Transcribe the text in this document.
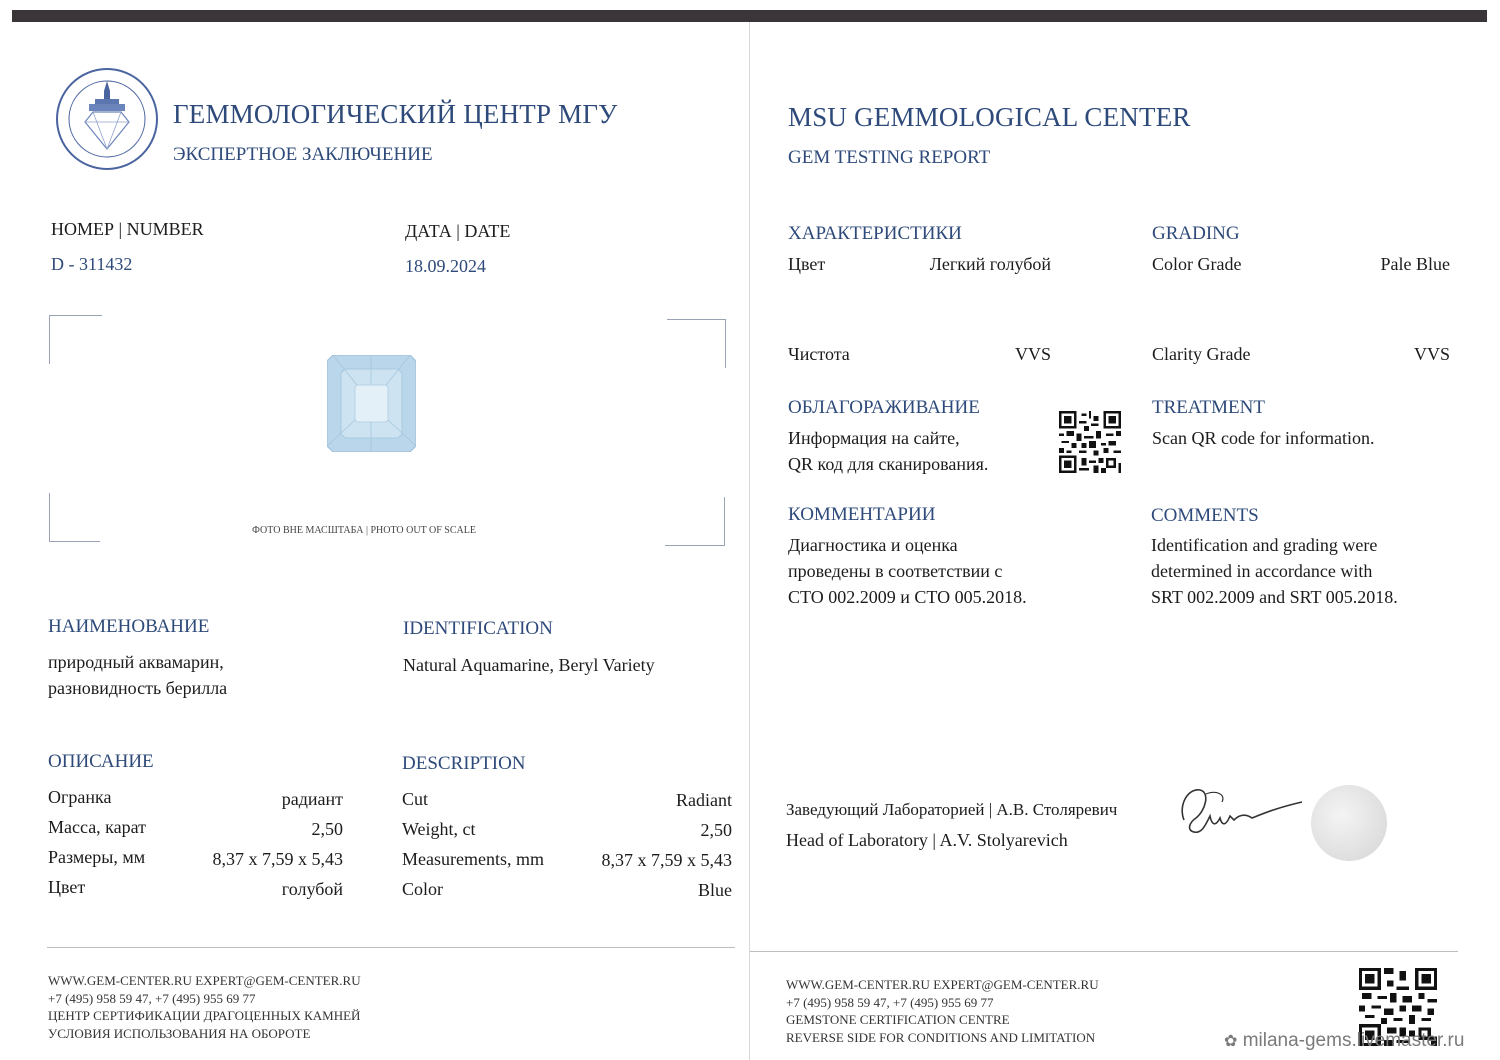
ГЕММОЛОГИЧЕСКИЙ ЦЕНТР МГУ
ЭКСПЕРТНОЕ ЗАКЛЮЧЕНИЕ
НОМЕР | NUMBER
D - 311432
ДАТА | DATE
18.09.2024
ФОТО ВНЕ МАСШТАБА | PHOTO OUT OF SCALE
НАИМЕНОВАНИЕ
природный аквамарин,
разновидность берилла
IDENTIFICATION
Natural Aquamarine, Beryl Variety
ОПИСАНИЕ
Огранка	радиант
Масса, карат	2,50
Размеры, мм	8,37 x 7,59 x 5,43
Цвет	голубой
DESCRIPTION
Cut	Radiant
Weight, ct	2,50
Measurements, mm	8,37 x 7,59 x 5,43
Color	Blue
WWW.GEM-CENTER.RU EXPERT@GEM-CENTER.RU
+7 (495) 958 59 47, +7 (495) 955 69 77
ЦЕНТР СЕРТИФИКАЦИИ ДРАГОЦЕННЫХ КАМНЕЙ
УСЛОВИЯ ИСПОЛЬЗОВАНИЯ НА ОБОРОТЕ
MSU GEMMOLOGICAL CENTER
GEM TESTING REPORT
ХАРАКТЕРИСТИКИ	GRADING
Цвет	Легкий голубой	Color Grade	Pale Blue
Чистота	VVS	Clarity Grade	VVS
ОБЛАГОРАЖИВАНИЕ
Информация на сайте,
QR код для сканирования.
TREATMENT
Scan QR code for information.
КОММЕНТАРИИ
Диагностика и оценка
проведены в соответствии с
СТО 002.2009 и СТО 005.2018.
COMMENTS
Identification and grading were
determined in accordance with
SRT 002.2009 and SRT 005.2018.
Заведующий Лабораторией | А.В. Столяревич
Head of Laboratory | A.V. Stolyarevich
WWW.GEM-CENTER.RU EXPERT@GEM-CENTER.RU
+7 (495) 958 59 47, +7 (495) 955 69 77
GEMSTONE CERTIFICATION CENTRE
REVERSE SIDE FOR CONDITIONS AND LIMITATION	✿ milana-gems.livemaster.ru
